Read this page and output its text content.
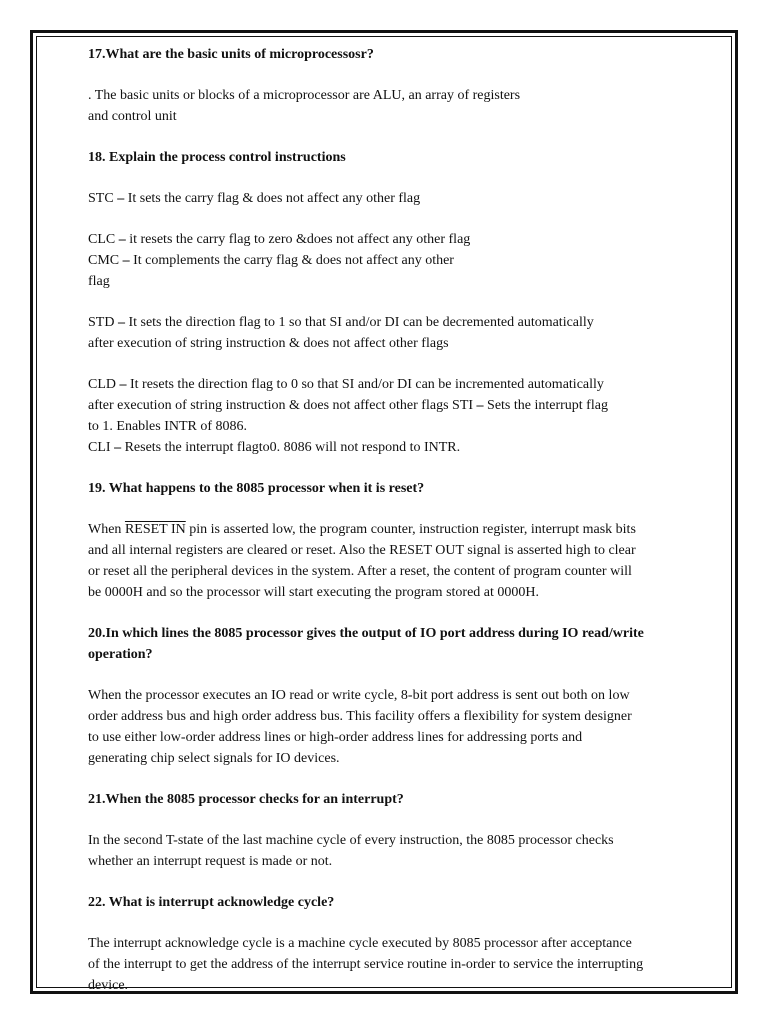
17.What are the basic units of microprocessosr?

. The basic units or blocks of a microprocessor are ALU, an array of registers

and control unit

18. Explain the process control instructions

STC – It sets the carry flag & does not affect any other flag

CLC – it resets the carry flag to zero &does not affect any other flag

CMC – It complements the carry flag & does not affect any other

flag

STD – It sets the direction flag to 1 so that SI and/or DI can be decremented automatically

after execution of string instruction & does not affect other flags

CLD – It resets the direction flag to 0 so that SI and/or DI can be incremented automatically

after execution of string instruction & does not affect other flags STI – Sets the interrupt flag

to 1. Enables INTR of 8086.

CLI – Resets the interrupt flagto0. 8086 will not respond to INTR.

19. What happens to the 8085 processor when it is reset?

When RESET IN pin is asserted low, the program counter, instruction register, interrupt mask bits

and all internal registers are cleared or reset. Also the RESET OUT signal is asserted high to clear

or reset all the peripheral devices in the system. After a reset, the content of program counter will

be 0000H and so the processor will start executing the program stored at 0000H.

20.In which lines the 8085 processor gives the output of IO port address during IO read/write

operation?

When the processor executes an IO read or write cycle, 8-bit port address is sent out both on low

order address bus and high order address bus. This facility offers a flexibility for system designer

to use either low-order address lines or high-order address lines for addressing ports and

generating chip select signals for IO devices.

21.When the 8085 processor checks for an interrupt?

In the second T-state of the last machine cycle of every instruction, the 8085 processor checks

whether an interrupt request is made or not.

22. What is interrupt acknowledge cycle?

The interrupt acknowledge cycle is a machine cycle executed by 8085 processor after acceptance

of the interrupt to get the address of the interrupt service routine in-order to service the interrupting

device.
